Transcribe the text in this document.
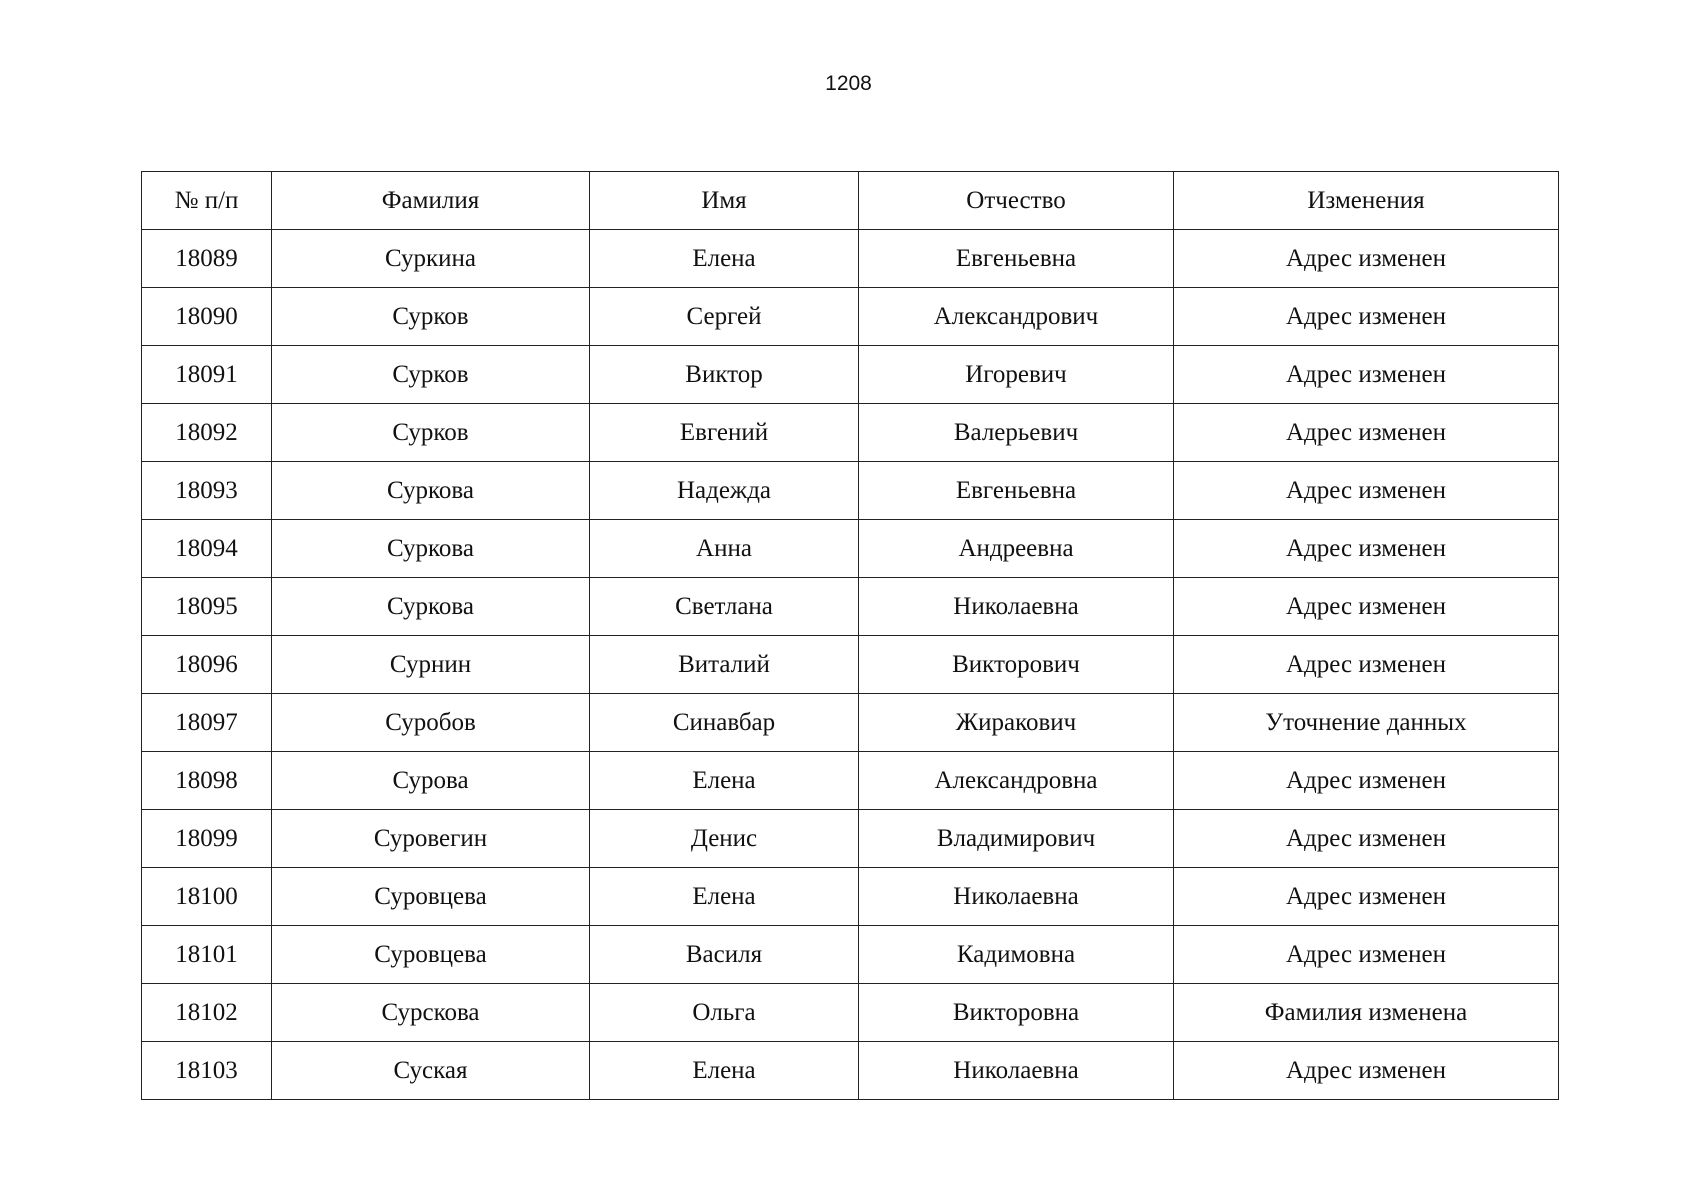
1208
№ п/п	Фамилия	Имя	Отчество	Изменения
18089	Суркина	Елена	Евгеньевна	Адрес изменен
18090	Сурков	Сергей	Александрович	Адрес изменен
18091	Сурков	Виктор	Игоревич	Адрес изменен
18092	Сурков	Евгений	Валерьевич	Адрес изменен
18093	Суркова	Надежда	Евгеньевна	Адрес изменен
18094	Суркова	Анна	Андреевна	Адрес изменен
18095	Суркова	Светлана	Николаевна	Адрес изменен
18096	Сурнин	Виталий	Викторович	Адрес изменен
18097	Суробов	Синавбар	Жиракович	Уточнение данных
18098	Сурова	Елена	Александровна	Адрес изменен
18099	Суровегин	Денис	Владимирович	Адрес изменен
18100	Суровцева	Елена	Николаевна	Адрес изменен
18101	Суровцева	Василя	Кадимовна	Адрес изменен
18102	Сурскова	Ольга	Викторовна	Фамилия изменена
18103	Суская	Елена	Николаевна	Адрес изменен
